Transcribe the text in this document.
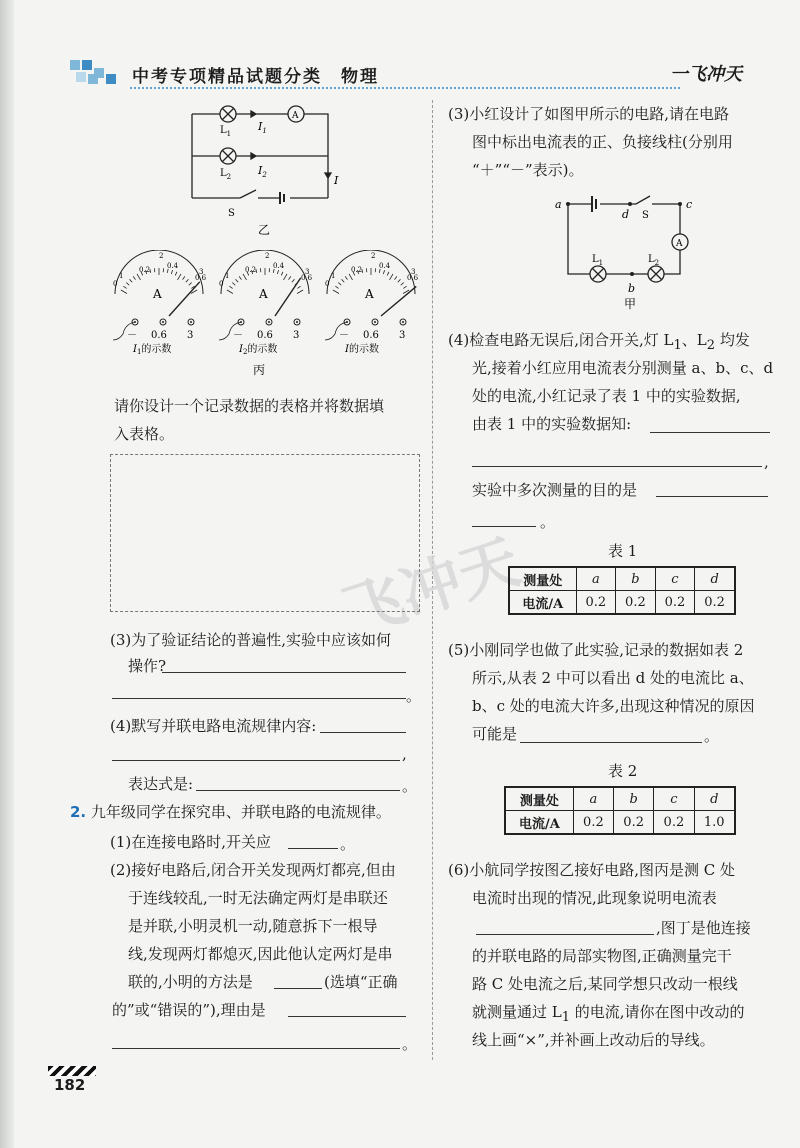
中考专项精品试题分类　物理	一飞冲天
飞冲天
A
$L_1$
$I_1$
$L_2$ $I_2$	I
S
乙
0
0.2 0.4
0.6
1
2
3
A
－ 0.6 3
$I_1$的示数
0
0.2 0.4
0.6
1
2
3
A
－ 0.6 3
$I_2$的示数
0
0.2 0.4
0.6
1
2
3
A
－ 0.6 3
I的示数
丙
请你设计一个记录数据的表格并将数据填
入表格。
(3)为了验证结论的普遍性,实验中应该如何
操作?
。
(4)默写并联电路电流规律内容:
,
表达式是:	。
2. 九年级同学在探究串、并联电路的电流规律。
(1)在连接电路时,开关应	。
(2)接好电路后,闭合开关发现两灯都亮,但由
于连线较乱,一时无法确定两灯是串联还
是并联,小明灵机一动,随意拆下一根导
线,发现两灯都熄灭,因此他认定两灯是串
联的,小明的方法是	(选填“正确
的”或“错误的”),理由是
。
182
(3)小红设计了如图甲所示的电路,请在电路
图中标出电流表的正、负接线柱(分别用
“＋”“－”表示)。
a
d S
c
A
$L_1$	$L_2$
b
甲
(4)检查电路无误后,闭合开关,灯 $L_1$、$L_2$ 均发
光,接着小红应用电流表分别测量 a、b、c、d
处的电流,小红记录了表 1 中的实验数据,
由表 1 中的实验数据知:
,
实验中多次测量的目的是
。
表 1
测量处	a	b	c	d
电流/A	0.2	0.2	0.2	0.2
(5)小刚同学也做了此实验,记录的数据如表 2
所示,从表 2 中可以看出 d 处的电流比 a、
b、c 处的电流大许多,出现这种情况的原因
可能是	。
表 2
测量处	a	b	c	d
电流/A	0.2	0.2	0.2	1.0
(6)小航同学按图乙接好电路,图丙是测 C 处
电流时出现的情况,此现象说明电流表
,图丁是他连接
的并联电路的局部实物图,正确测量完干
路 C 处电流之后,某同学想只改动一根线
就测量通过 $L_1$ 的电流,请你在图中改动的
线上画“×”,并补画上改动后的导线。
